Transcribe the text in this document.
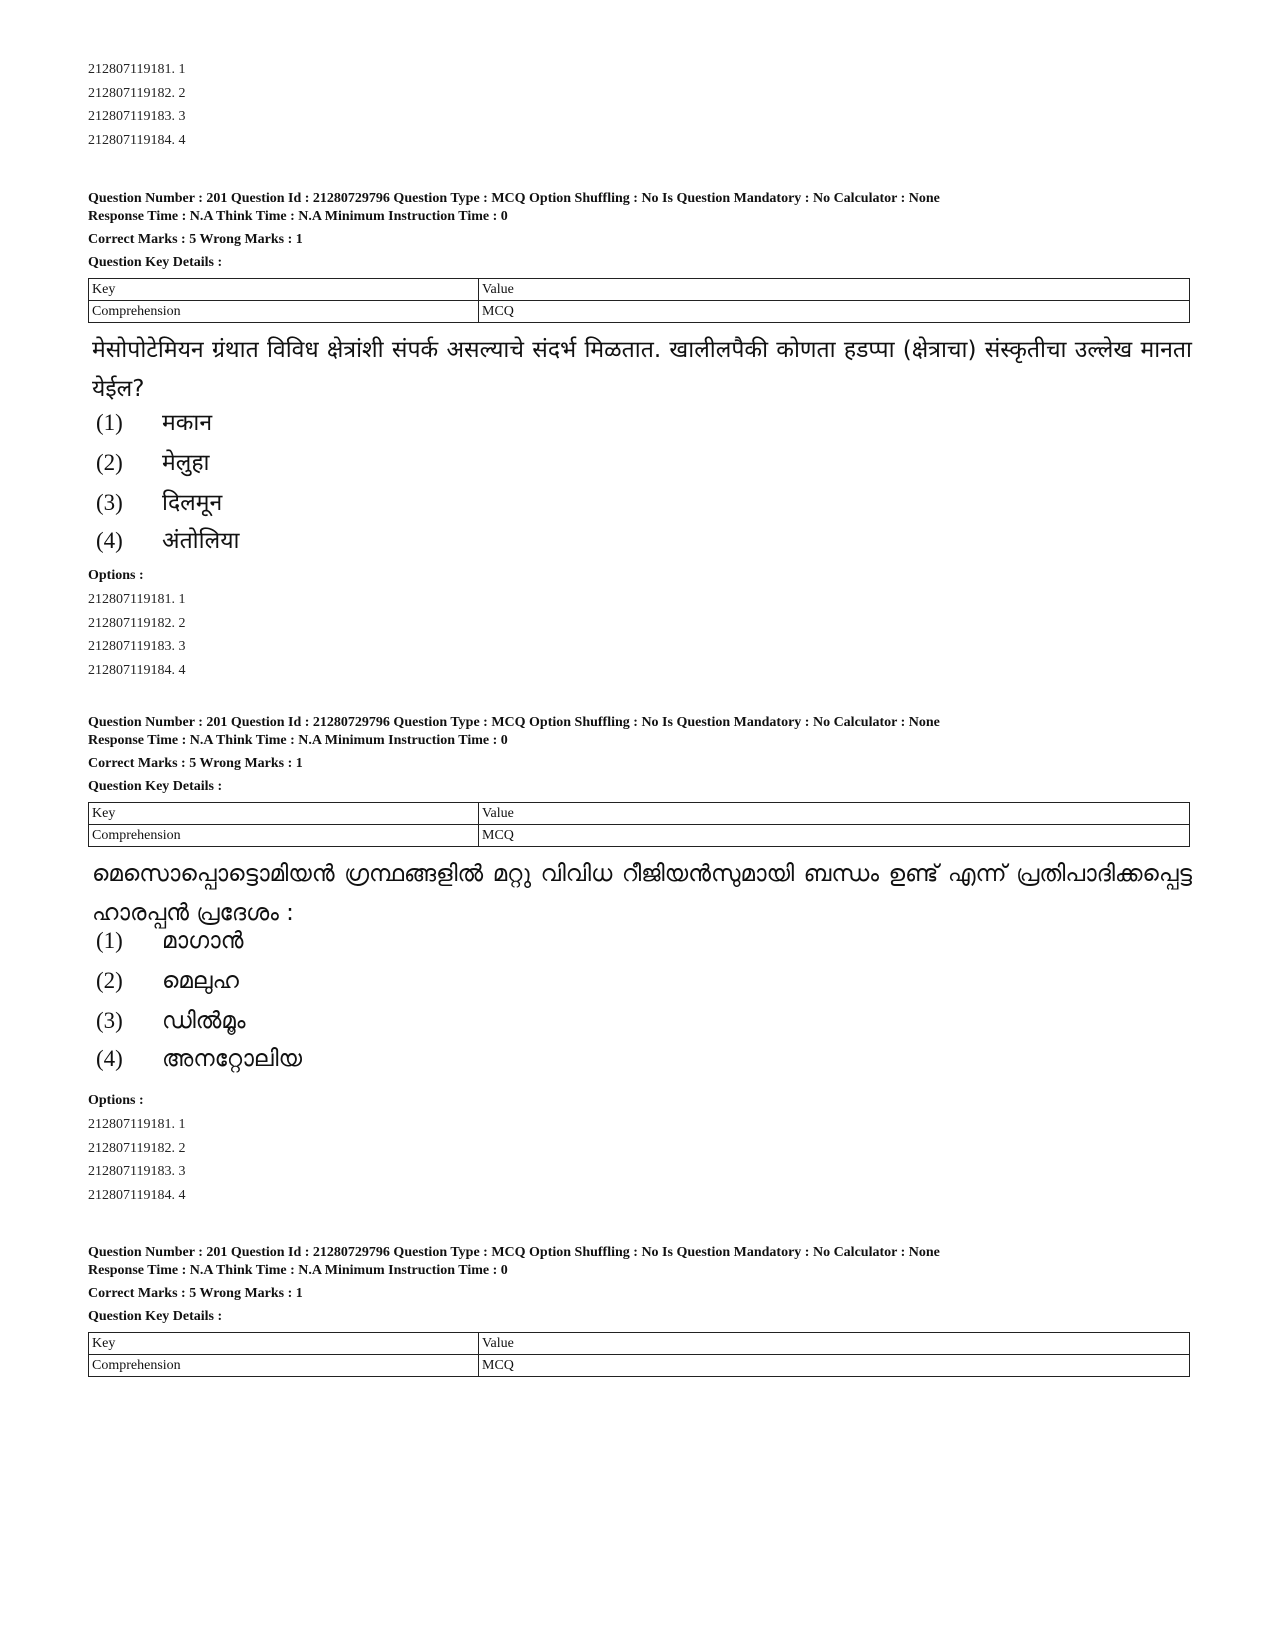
212807119181. 1
212807119182. 2
212807119183. 3
212807119184. 4
Question Number : 201 Question Id : 21280729796 Question Type : MCQ Option Shuffling : No Is Question Mandatory : No Calculator : None
Response Time : N.A Think Time : N.A Minimum Instruction Time : 0
Correct Marks : 5 Wrong Marks : 1
Question Key Details :
Key	Value
Comprehension	MCQ
मेसोपोटेमियन ग्रंथात विविध क्षेत्रांशी संपर्क असल्याचे संदर्भ मिळतात. खालीलपैकी कोणता हडप्पा (क्षेत्राचा) संस्कृतीचा उल्लेख मानता येईल?
(1) मकान
(2) मेलुहा
(3) दिलमून
(4) अंतोलिया
Options :
212807119181. 1
212807119182. 2
212807119183. 3
212807119184. 4
Question Number : 201 Question Id : 21280729796 Question Type : MCQ Option Shuffling : No Is Question Mandatory : No Calculator : None
Response Time : N.A Think Time : N.A Minimum Instruction Time : 0
Correct Marks : 5 Wrong Marks : 1
Question Key Details :
Key	Value
Comprehension	MCQ
മെസൊപ്പൊട്ടൊമിയൻ ഗ്രന്ഥങ്ങളിൽ മറ്റു വിവിധ റീജിയൻസുമായി ബന്ധം ഉണ്ട് എന്ന് പ്രതിപാദിക്കപ്പെട്ട ഹാരപ്പൻ പ്രദേശം :
(1) മാഗാൻ
(2) മെലുഹ
(3) ഡിൽമൂം
(4) അനറ്റോലിയ
Options :
212807119181. 1
212807119182. 2
212807119183. 3
212807119184. 4
Question Number : 201 Question Id : 21280729796 Question Type : MCQ Option Shuffling : No Is Question Mandatory : No Calculator : None
Response Time : N.A Think Time : N.A Minimum Instruction Time : 0
Correct Marks : 5 Wrong Marks : 1
Question Key Details :
Key	Value
Comprehension	MCQ
